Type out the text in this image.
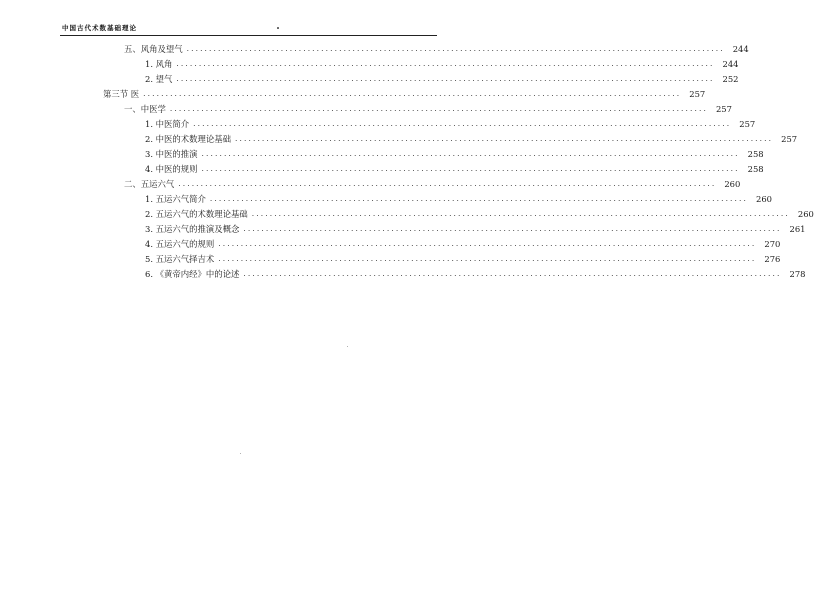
中国古代术数基础理论
五、风角及望气 ........................................................................................................................ 244
1. 风角 ........................................................................................................................ 244
2. 望气 ........................................................................................................................ 252
第三节 医 ........................................................................................................................ 257
一、中医学 ........................................................................................................................ 257
1. 中医简介 ........................................................................................................................ 257
2. 中医的术数理论基础 ........................................................................................................................ 257
3. 中医的推演 ........................................................................................................................ 258
4. 中医的规则 ........................................................................................................................ 258
二、五运六气 ........................................................................................................................ 260
1. 五运六气简介 ........................................................................................................................ 260
2. 五运六气的术数理论基础 ........................................................................................................................ 260
3. 五运六气的推演及概念 ........................................................................................................................ 261
4. 五运六气的规则 ........................................................................................................................ 270
5. 五运六气择吉术 ........................................................................................................................ 276
6. 《黄帝内经》中的论述 ........................................................................................................................ 278
